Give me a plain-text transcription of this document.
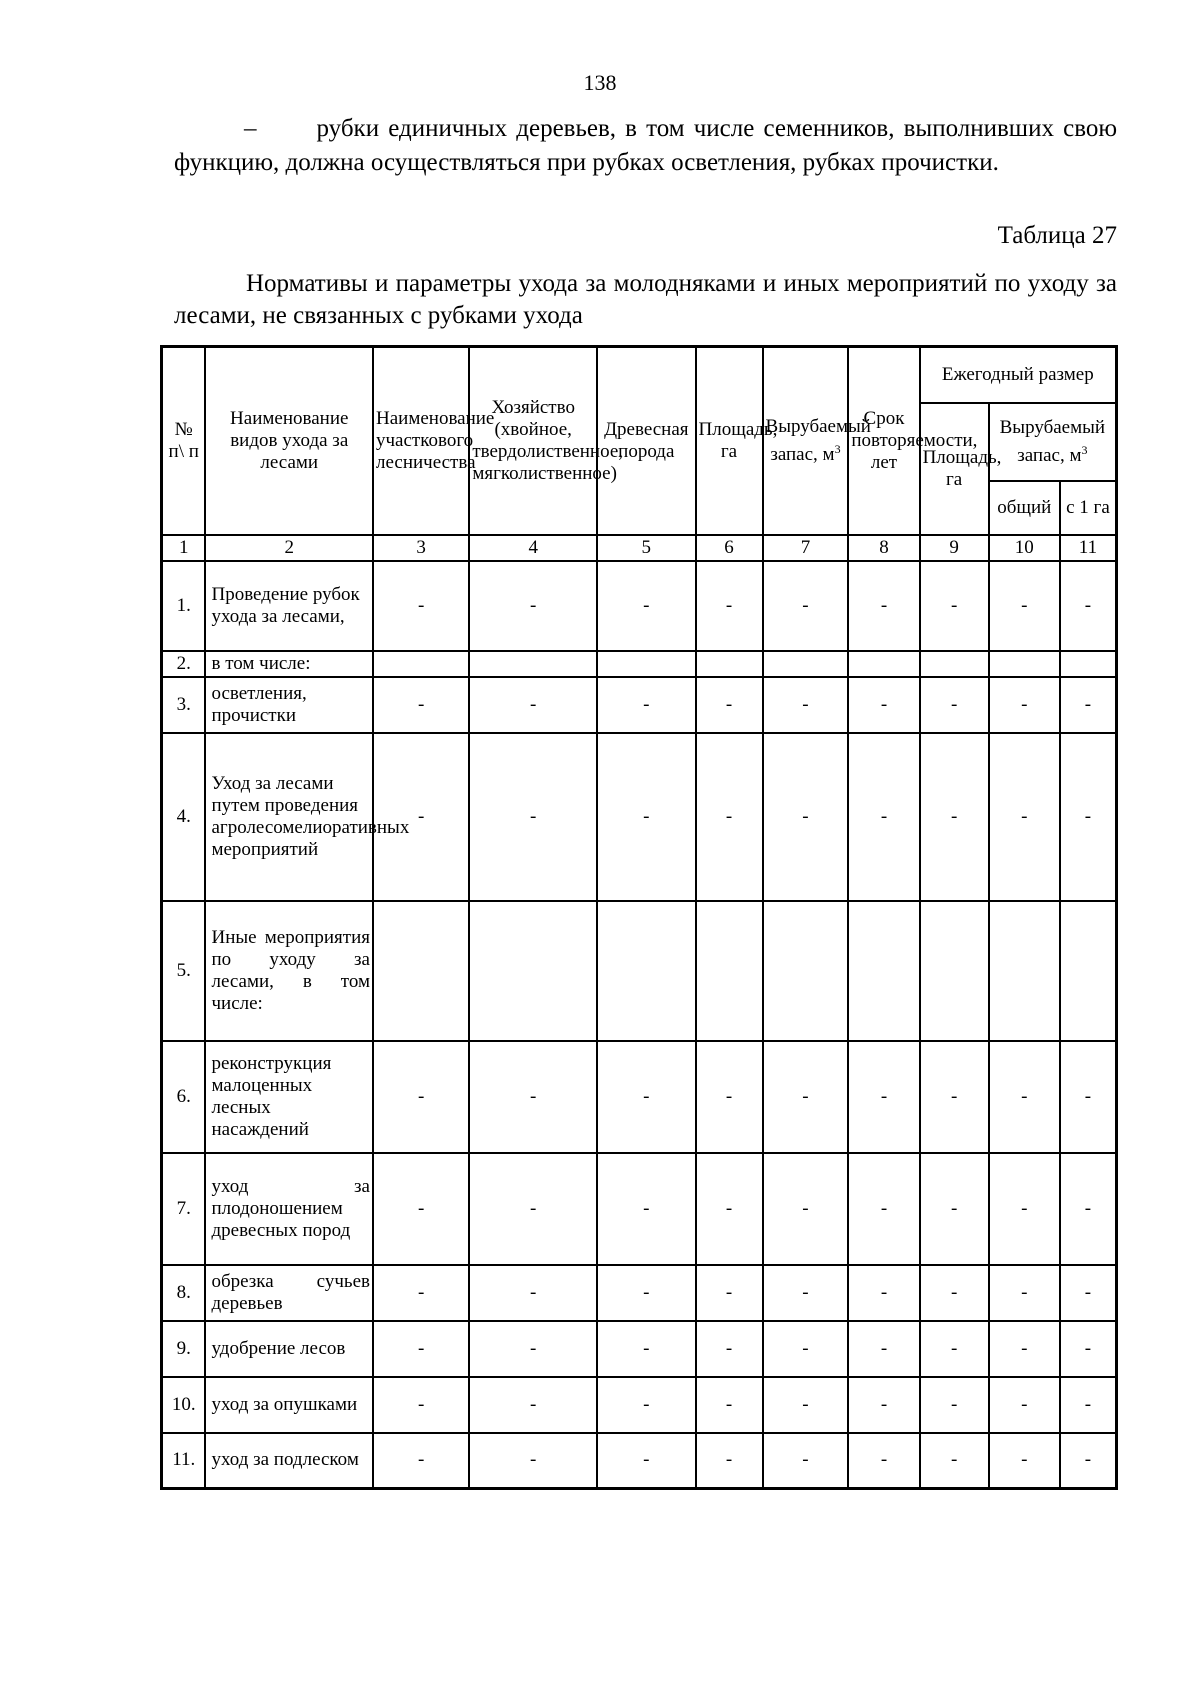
138

– рубки единичных деревьев, в том числе семенников, выполнивших свою функцию, должна осуществляться при рубках осветления, рубках прочистки.

Таблица 27

Нормативы и параметры ухода за молодняками и иных мероприятий по уходу за лесами, не связанных с рубками ухода

№ п\ п	Наименование видов ухода за лесами	Наименование участкового лесничества	Хозяйство (хвойное, твердолиственное, мягколиственное)	Древесная порода	Площадь, га	Вырубаемый запас, $м^3$	Срок повторяемости, лет	Ежегодный размер		
								Площадь, га	Вырубаемый запас, $м^3$
									общий	с 1 га
1	2	3	4	5	6	7	8	9	10	11
1.	Проведение рубок ухода за лесами,	-	-	-	-	-	-	-	-	-
2.	в том числе:									
3.	осветления, прочистки	-	-	-	-	-	-	-	-	-
4.	Уход за лесами путем проведения агролесомелиоративных мероприятий	-	-	-	-	-	-	-	-	-
5.	Иные мероприятия по уходу за лесами, в том числе:									
6.	реконструкция малоценных лесных насаждений	-	-	-	-	-	-	-	-	-
7.	уход за плодоношением древесных пород	-	-	-	-	-	-	-	-	-
8.	обрезка сучьев деревьев	-	-	-	-	-	-	-	-	-
9.	удобрение лесов	-	-	-	-	-	-	-	-	-
10.	уход за опушками	-	-	-	-	-	-	-	-	-
11.	уход за подлеском	-	-	-	-	-	-	-	-	-
